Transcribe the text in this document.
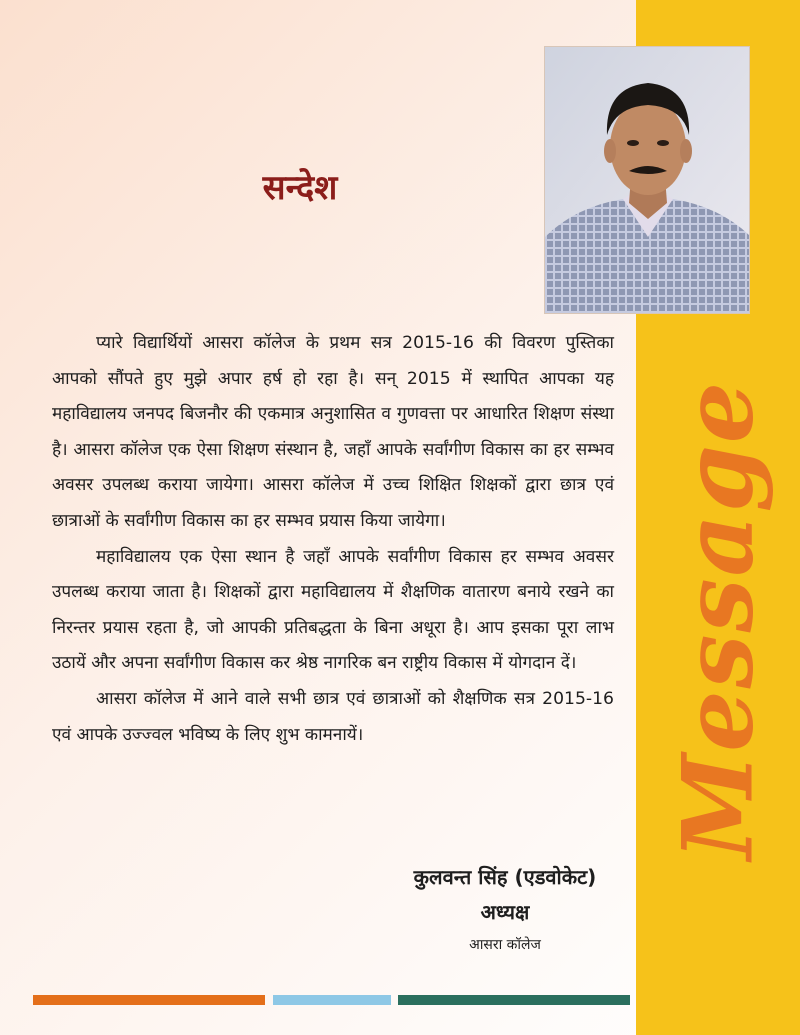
Message
सन्देश

प्यारे विद्यार्थियों आसरा कॉलेज के प्रथम सत्र 2015-16 की विवरण पुस्तिका आपको सौंपते हुए मुझे अपार हर्ष हो रहा है। सन् 2015 में स्थापित आपका यह महाविद्यालय जनपद बिजनौर की एकमात्र अनुशासित व गुणवत्ता पर आधारित शिक्षण संस्था है। आसरा कॉलेज एक ऐसा शिक्षण संस्थान है, जहाँ आपके सर्वांगीण विकास का हर सम्भव अवसर उपलब्ध कराया जायेगा। आसरा कॉलेज में उच्च शिक्षित शिक्षकों द्वारा छात्र एवं छात्राओं के सर्वांगीण विकास का हर सम्भव प्रयास किया जायेगा।

महाविद्यालय एक ऐसा स्थान है जहाँ आपके सर्वांगीण विकास हर सम्भव अवसर उपलब्ध कराया जाता है। शिक्षकों द्वारा महाविद्यालय में शैक्षणिक वातारण बनाये रखने का निरन्तर प्रयास रहता है, जो आपकी प्रतिबद्धता के बिना अधूरा है। आप इसका पूरा लाभ उठायें और अपना सर्वांगीण विकास कर श्रेष्ठ नागरिक बन राष्ट्रीय विकास में योगदान दें।

आसरा कॉलेज में आने वाले सभी छात्र एवं छात्राओं को शैक्षणिक सत्र 2015-16 एवं आपके उज्ज्वल भविष्य के लिए शुभ कामनायें।

कुलवन्त सिंह (एडवोकेट)
अध्यक्ष
आसरा कॉलेज
